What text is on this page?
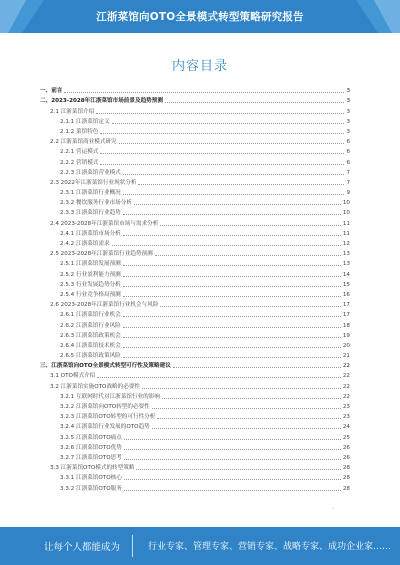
江浙菜馆向OTO全景模式转型策略研究报告
内容目录
一、前言	3
二、2023-2028年江浙菜馆市场前景及趋势预测	3
2.1 江浙菜馆介绍	3
2.1.1 江浙菜馆定义	3
2.1.2 菜馆特色	3
2.2 江浙菜馆商业模式研究	6
2.2.1 营运模式	6
2.2.2 营销模式	6
2.2.3 江浙菜馆营业模式	7
2.3 2022年江浙菜馆行业现状分析	7
2.3.1 江浙菜馆行业概况	9
2.3.2 餐饮服务行业市场分析	10
2.3.3 江浙菜馆行业趋势	10
2.4 2023-2028年江浙菜馆市场与需求分析	11
2.4.1 江浙菜馆市场分析	11
2.4.2 江浙菜馆需求	12
2.5 2023-2028年江浙菜馆行业趋势预测	13
2.5.1 江浙菜馆发展预测	13
2.5.2 行业盈利能力预测	14
2.5.3 行业发展趋势分析	15
2.5.4 行业竞争格局预测	16
2.6 2023-2028年江浙菜馆行业机会与风险	17
2.6.1 江浙菜馆行业机会	17
2.6.2 江浙菜馆行业风险	18
2.6.3 江浙菜馆政策机会	19
2.6.4 江浙菜馆技术机会	20
2.6.5 江浙菜馆政策风险	21
三、江浙菜馆向OTO全景模式转型可行性及策略建议	22
3.1 OTO模式介绍	22
3.2 江浙菜馆实施OTO战略的必要性	22
3.2.1 互联网时代对江浙菜馆行业的影响	22
3.2.2 江浙菜馆向OTO转型的必要性	23
3.2.3 江浙菜馆OTO转型的可行性分析	23
3.2.4 江浙菜馆行业发展的OTO趋势	24
3.2.5 江浙菜馆OTO痛点	25
3.2.6 江浙菜馆OTO优势	26
3.2.7 江浙菜馆OTO思考	26
3.3 江浙菜馆OTO模式的转型策略	28
3.3.1 江浙菜馆OTO核心	28
3.3.2 江浙菜馆OTO服务	28
·
让每个人都能成为	行业专家、管理专家、营销专家、战略专家、成功企业家……
